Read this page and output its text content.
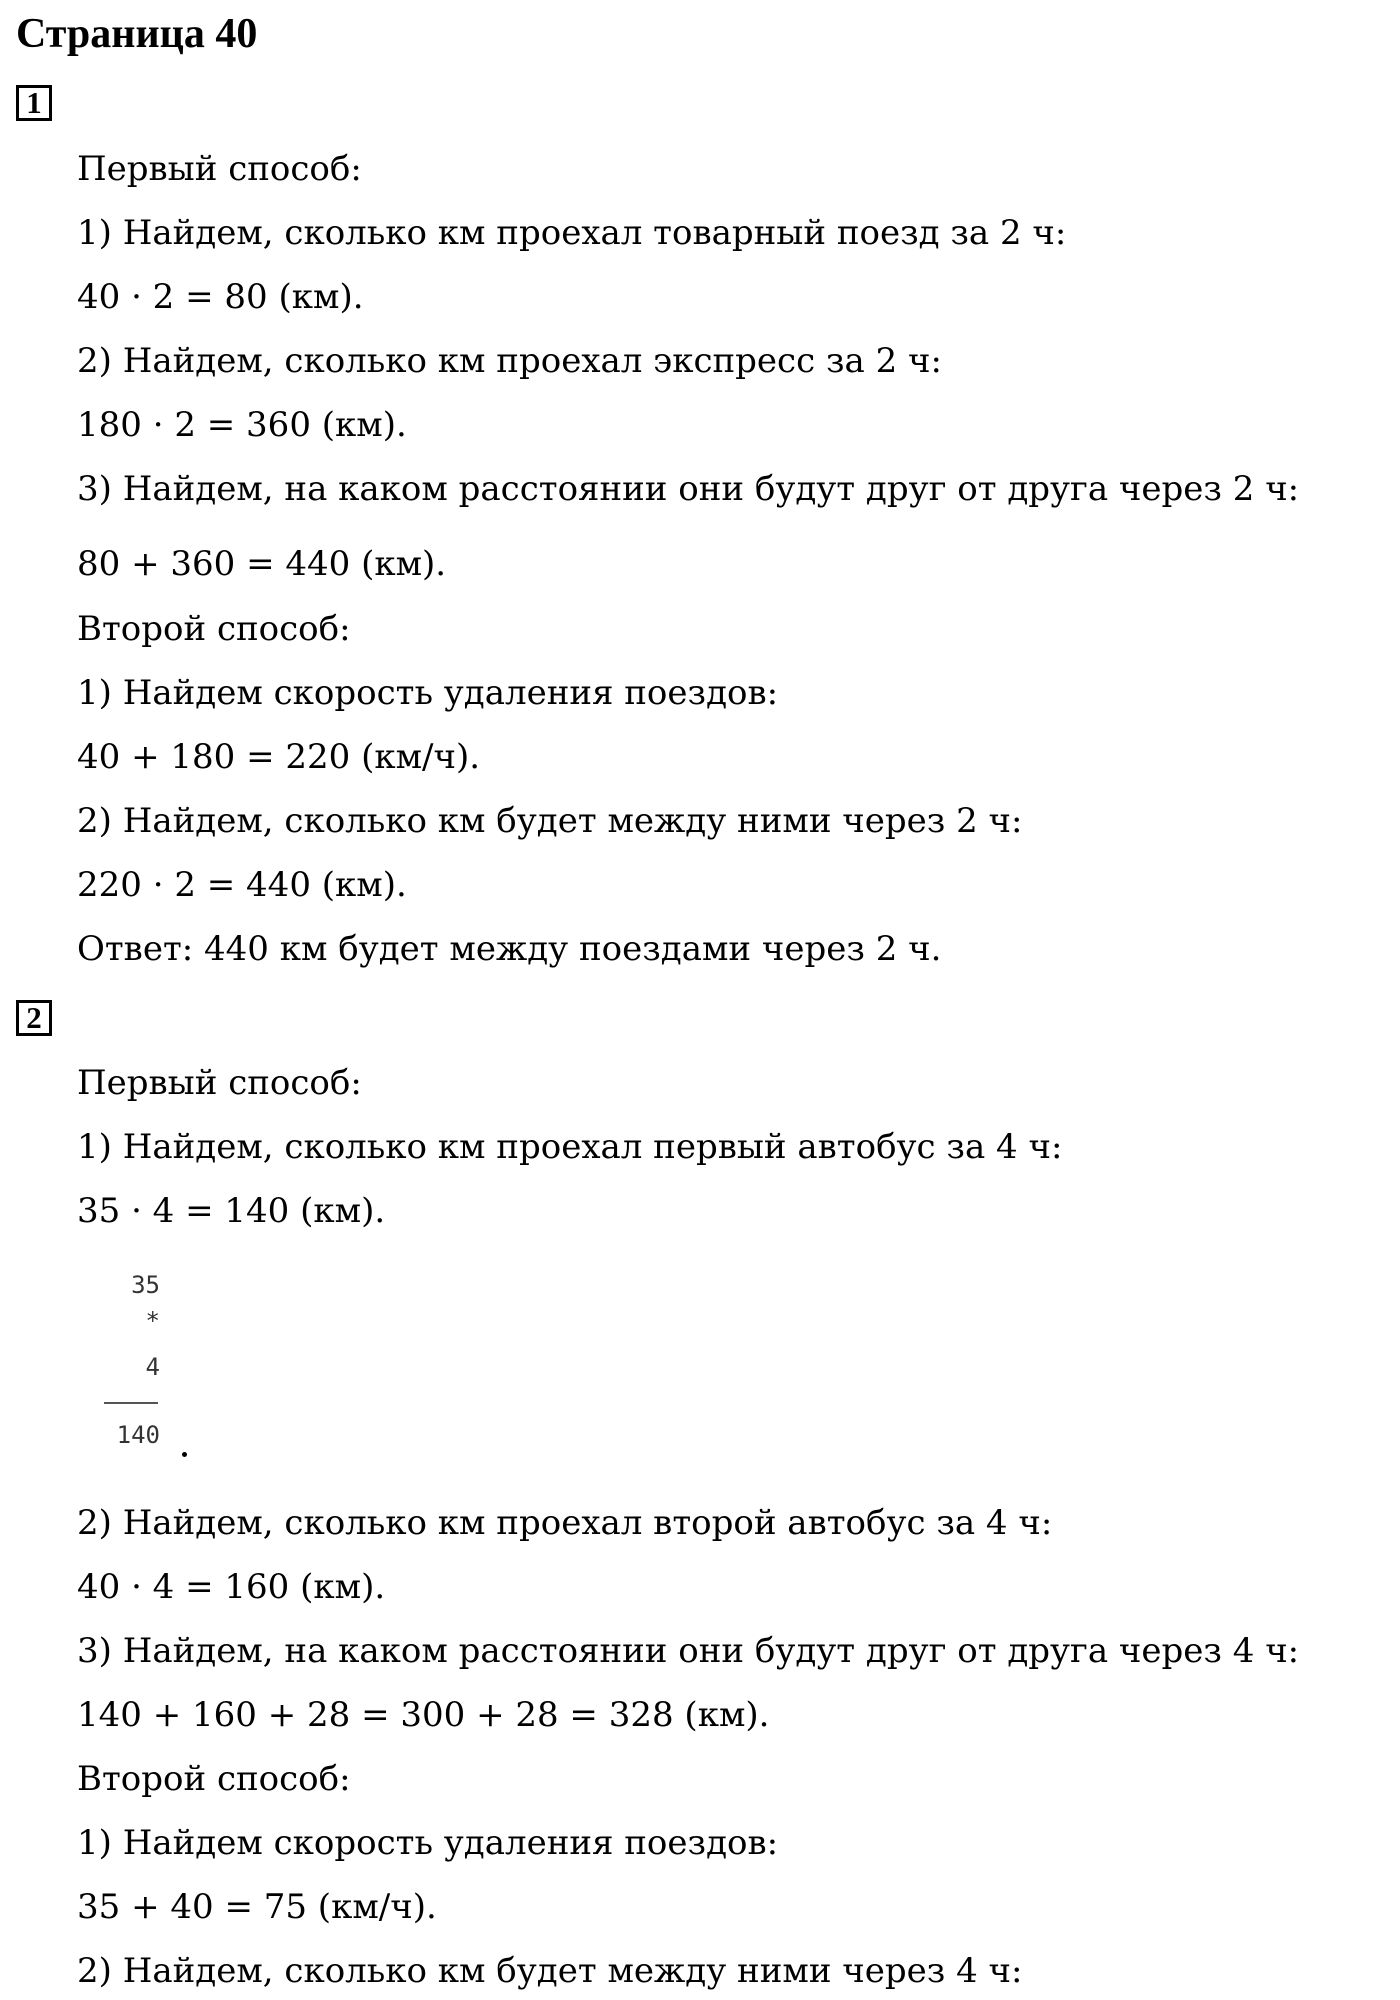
Страница 40
1
Первый способ:
1) Найдем, сколько км проехал товарный поезд за 2 ч:
40 · 2 = 80 (км).
2) Найдем, сколько км проехал экспресс за 2 ч:
180 · 2 = 360 (км).
3) Найдем, на каком расстоянии они будут друг от друга через 2 ч:
80 + 360 = 440 (км).
Второй способ:
1) Найдем скорость удаления поездов:
40 + 180 = 220 (км/ч).
2) Найдем, сколько км будет между ними через 2 ч:
220 · 2 = 440 (км).
Ответ: 440 км будет между поездами через 2 ч.
2
Первый способ:
1) Найдем, сколько км проехал первый автобус за 4 ч:
35 · 4 = 140 (км).
35
*
4
140
2) Найдем, сколько км проехал второй автобус за 4 ч:
40 · 4 = 160 (км).
3) Найдем, на каком расстоянии они будут друг от друга через 4 ч:
140 + 160 + 28 = 300 + 28 = 328 (км).
Второй способ:
1) Найдем скорость удаления поездов:
35 + 40 = 75 (км/ч).
2) Найдем, сколько км будет между ними через 4 ч:
